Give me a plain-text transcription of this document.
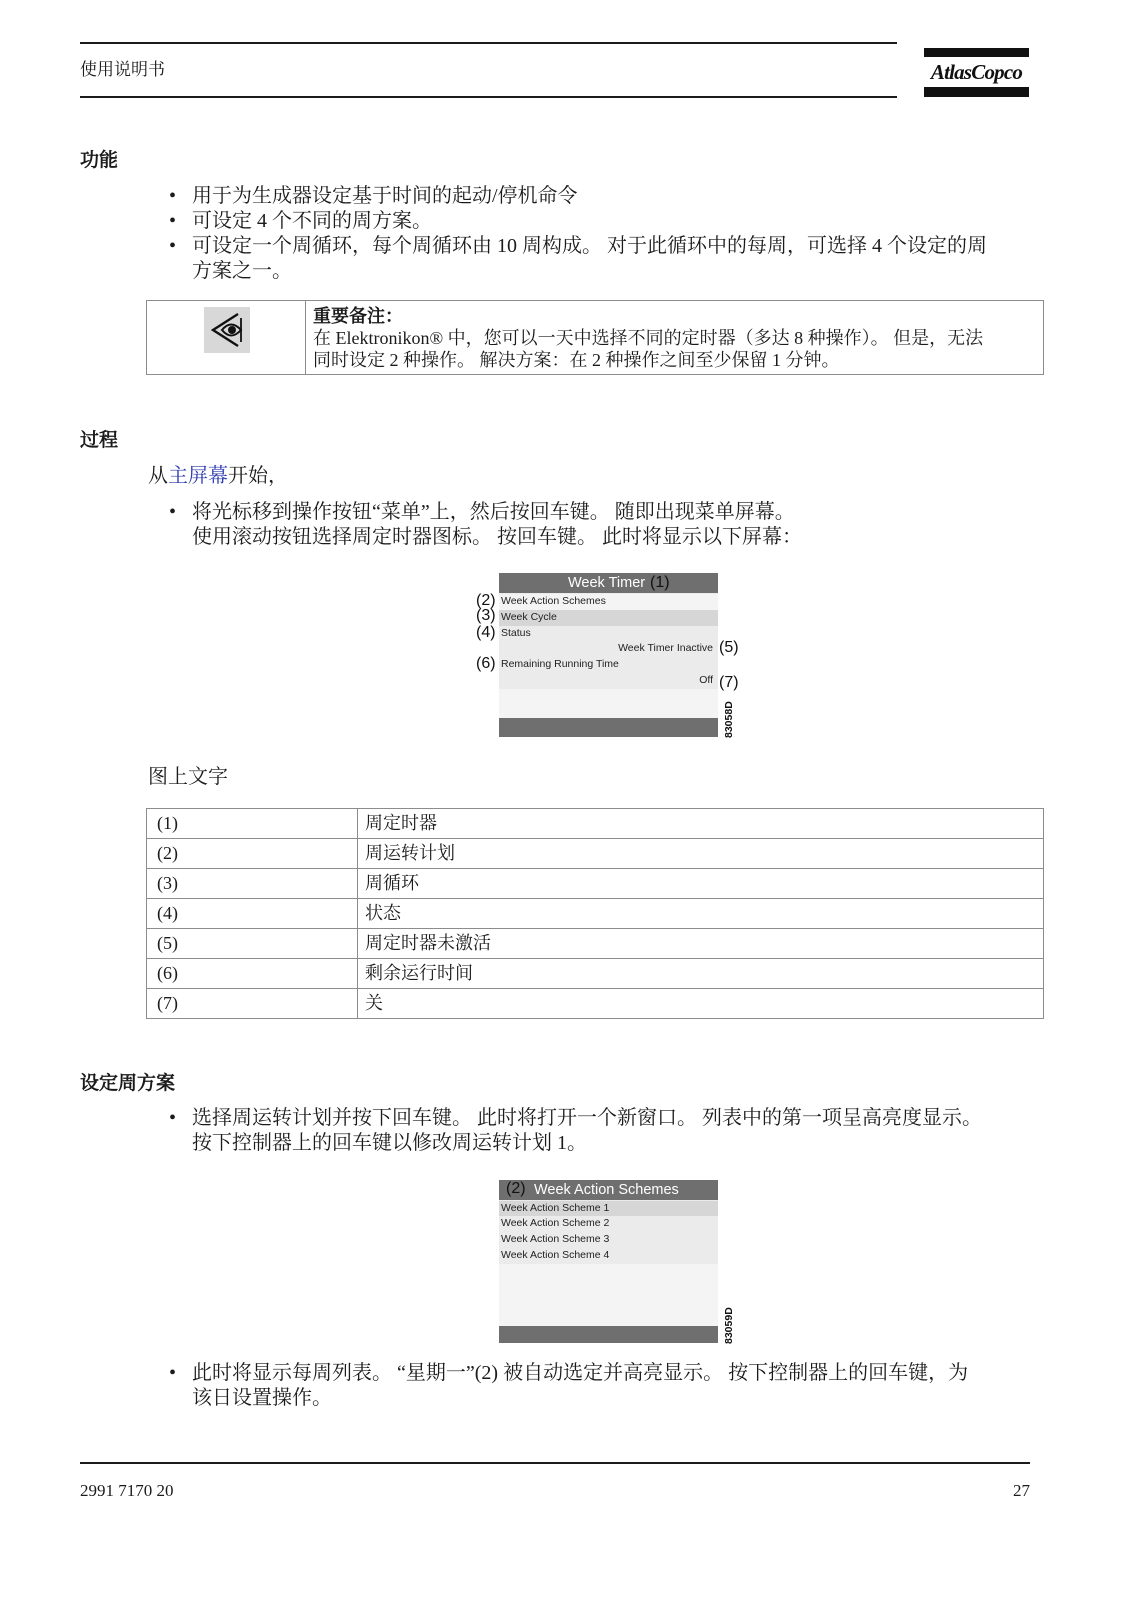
使用说明书	AtlasCopco
功能
• 用于为生成器设定基于时间的起动/停机命令
• 可设定 4 个不同的周方案。
• 可设定一个周循环，每个周循环由 10 周构成。 对于此循环中的每周，可选择 4 个设定的周
方案之一。
重要备注：
在 Elektronikon® 中，您可以一天中选择不同的定时器（多达 8 种操作）。 但是，无法
同时设定 2 种操作。 解决方案：在 2 种操作之间至少保留 1 分钟。
过程
从主屏幕开始，
• 将光标移到操作按钮“菜单”上，然后按回车键。 随即出现菜单屏幕。
使用滚动按钮选择周定时器图标。 按回车键。 此时将显示以下屏幕：
Week Timer
Week Action Schemes
Week Cycle
Status
Week Timer Inactive
Remaining Running Time
Off
(1)
(2)
(3)
(4)
(5)
(6)
(7)
83058D
图上文字
(1)	周定时器
(2)	周运转计划
(3)	周循环
(4)	状态
(5)	周定时器未激活
(6)	剩余运行时间
(7)	关
设定周方案
• 选择周运转计划并按下回车键。 此时将打开一个新窗口。 列表中的第一项呈高亮度显示。
按下控制器上的回车键以修改周运转计划 1。
Week Action Schemes
Week Action Scheme 1
Week Action Scheme 2
Week Action Scheme 3
Week Action Scheme 4
(2)
83059D
• 此时将显示每周列表。 “星期一”(2) 被自动选定并高亮显示。 按下控制器上的回车键，为
该日设置操作。
2991 7170 20	27
